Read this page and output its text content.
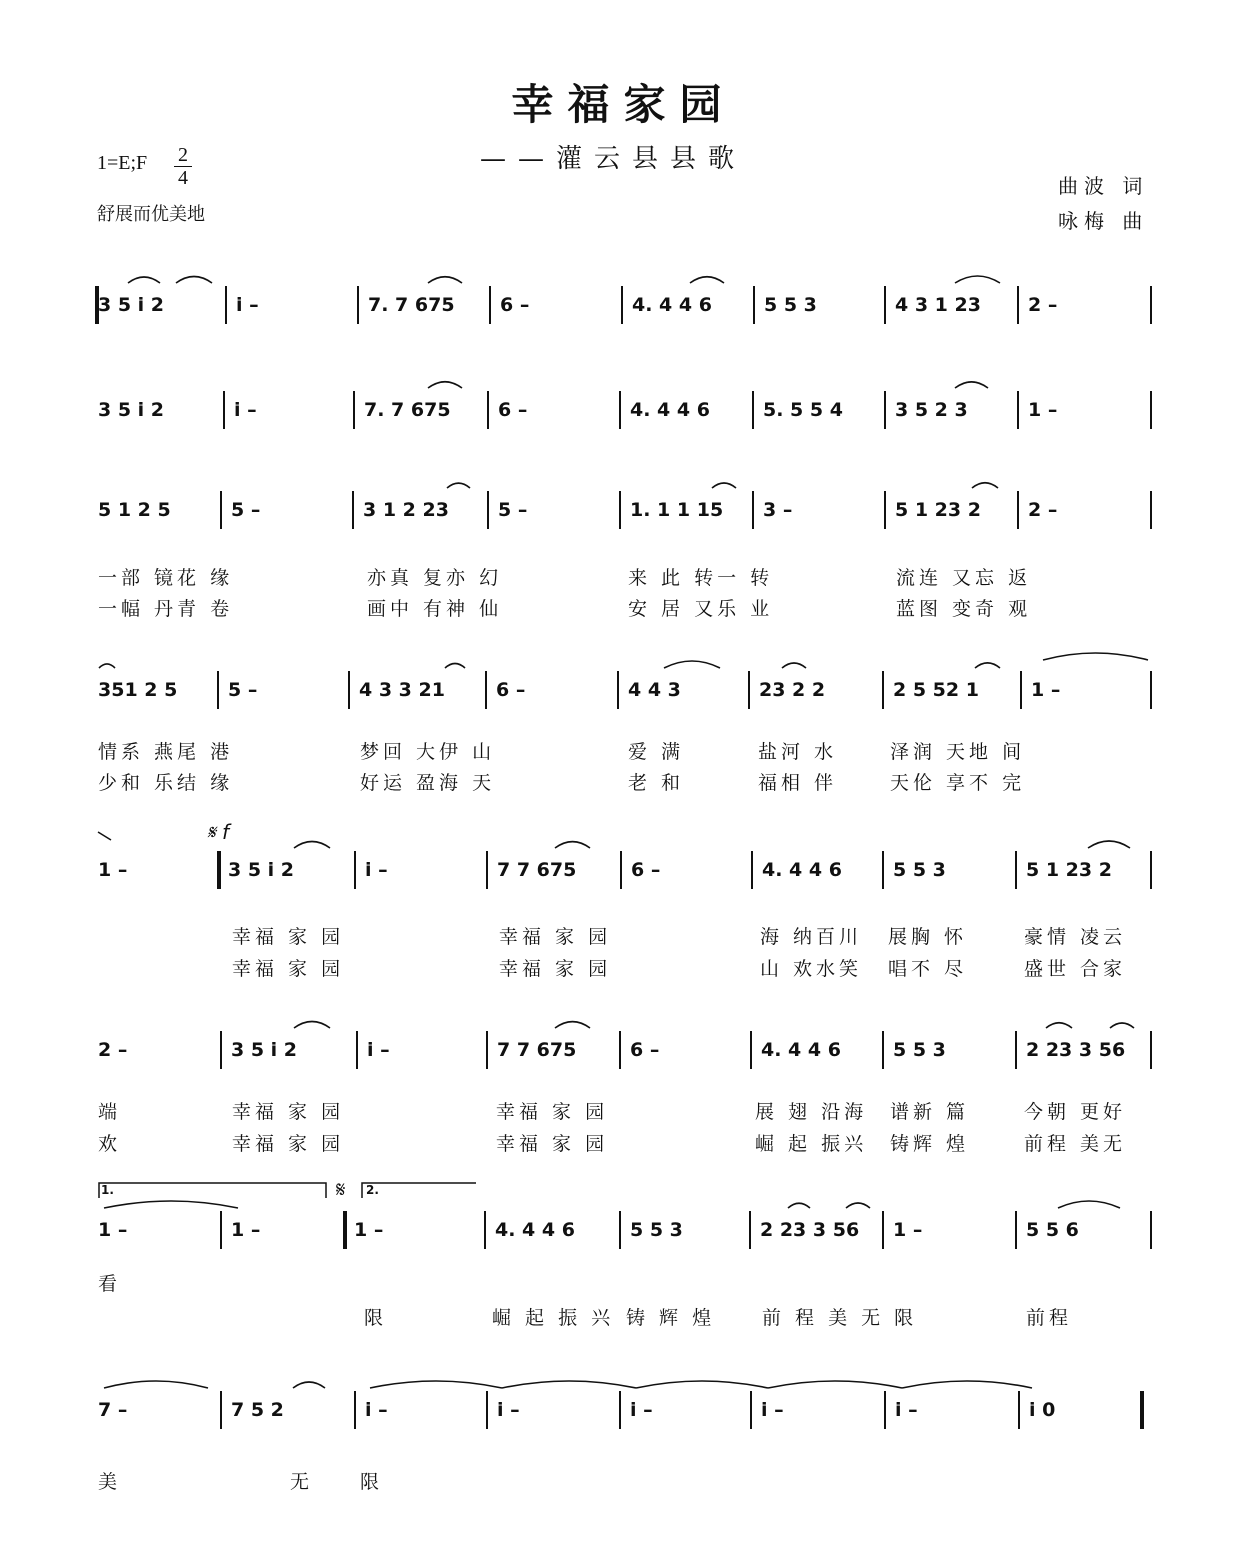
幸福家园
——灌云县县歌
1=E;F 2
4
舒展而优美地
曲波 词
咏梅 曲
𝄋 f
𝄋
1.	2.
3 5 i 2	i –	7. 7 675 6 –	4. 4 4 6	5 5 3	4 3 1 23 2 –
3 5 i 2	i –	7. 7 675 6 –	4. 4 4 6	5. 5 5 4	3 5 2 3	1 –
5 1 2 5	5 –	3 1 2 23	5 –	1. 1 1 15 3 –	5 1 23 2 2 –
一部 镜花 缘	亦真 复亦 幻	来 此 转一 转	流连 又忘 返
一幅 丹青 卷	画中 有神 仙	安 居 又乐 业	蓝图 变奇 观
351 2 5	5 –	4 3 3 21	6 –	4 4 3	23 2 2	2 5 52 1	1 –
情系 燕尾 港	梦回 大伊 山	爱 满	盐河 水	泽润 天地 间
少和 乐结 缘	好运 盈海 天	老 和	福相 伴	天伦 享不 完
1 –	3 5 i 2	i –	7 7 675	6 –	4. 4 4 6	5 5 3	5 1 23 2
幸福 家 园	幸福 家 园	海 纳百川 展胸 怀	豪情 凌云
幸福 家 园	幸福 家 园	山 欢水笑 唱不 尽	盛世 合家
2 –	3 5 i 2	i –	7 7 675	6 –	4. 4 4 6	5 5 3	2 23 3 56
端	幸福 家 园	幸福 家 园	展 翅 沿海 谱新 篇	今朝 更好
欢	幸福 家 园	幸福 家 园	崛 起 振兴 铸辉 煌	前程 美无
1 –	1 –	1 –	4. 4 4 6	5 5 3	2 23 3 56 1 –	5 5 6
看
限	崛 起 振 兴 铸 辉 煌 前 程 美 无 限	前程
7 –	7 5 2	i –	i –	i –	i –	i –	i 0
美	无 限
